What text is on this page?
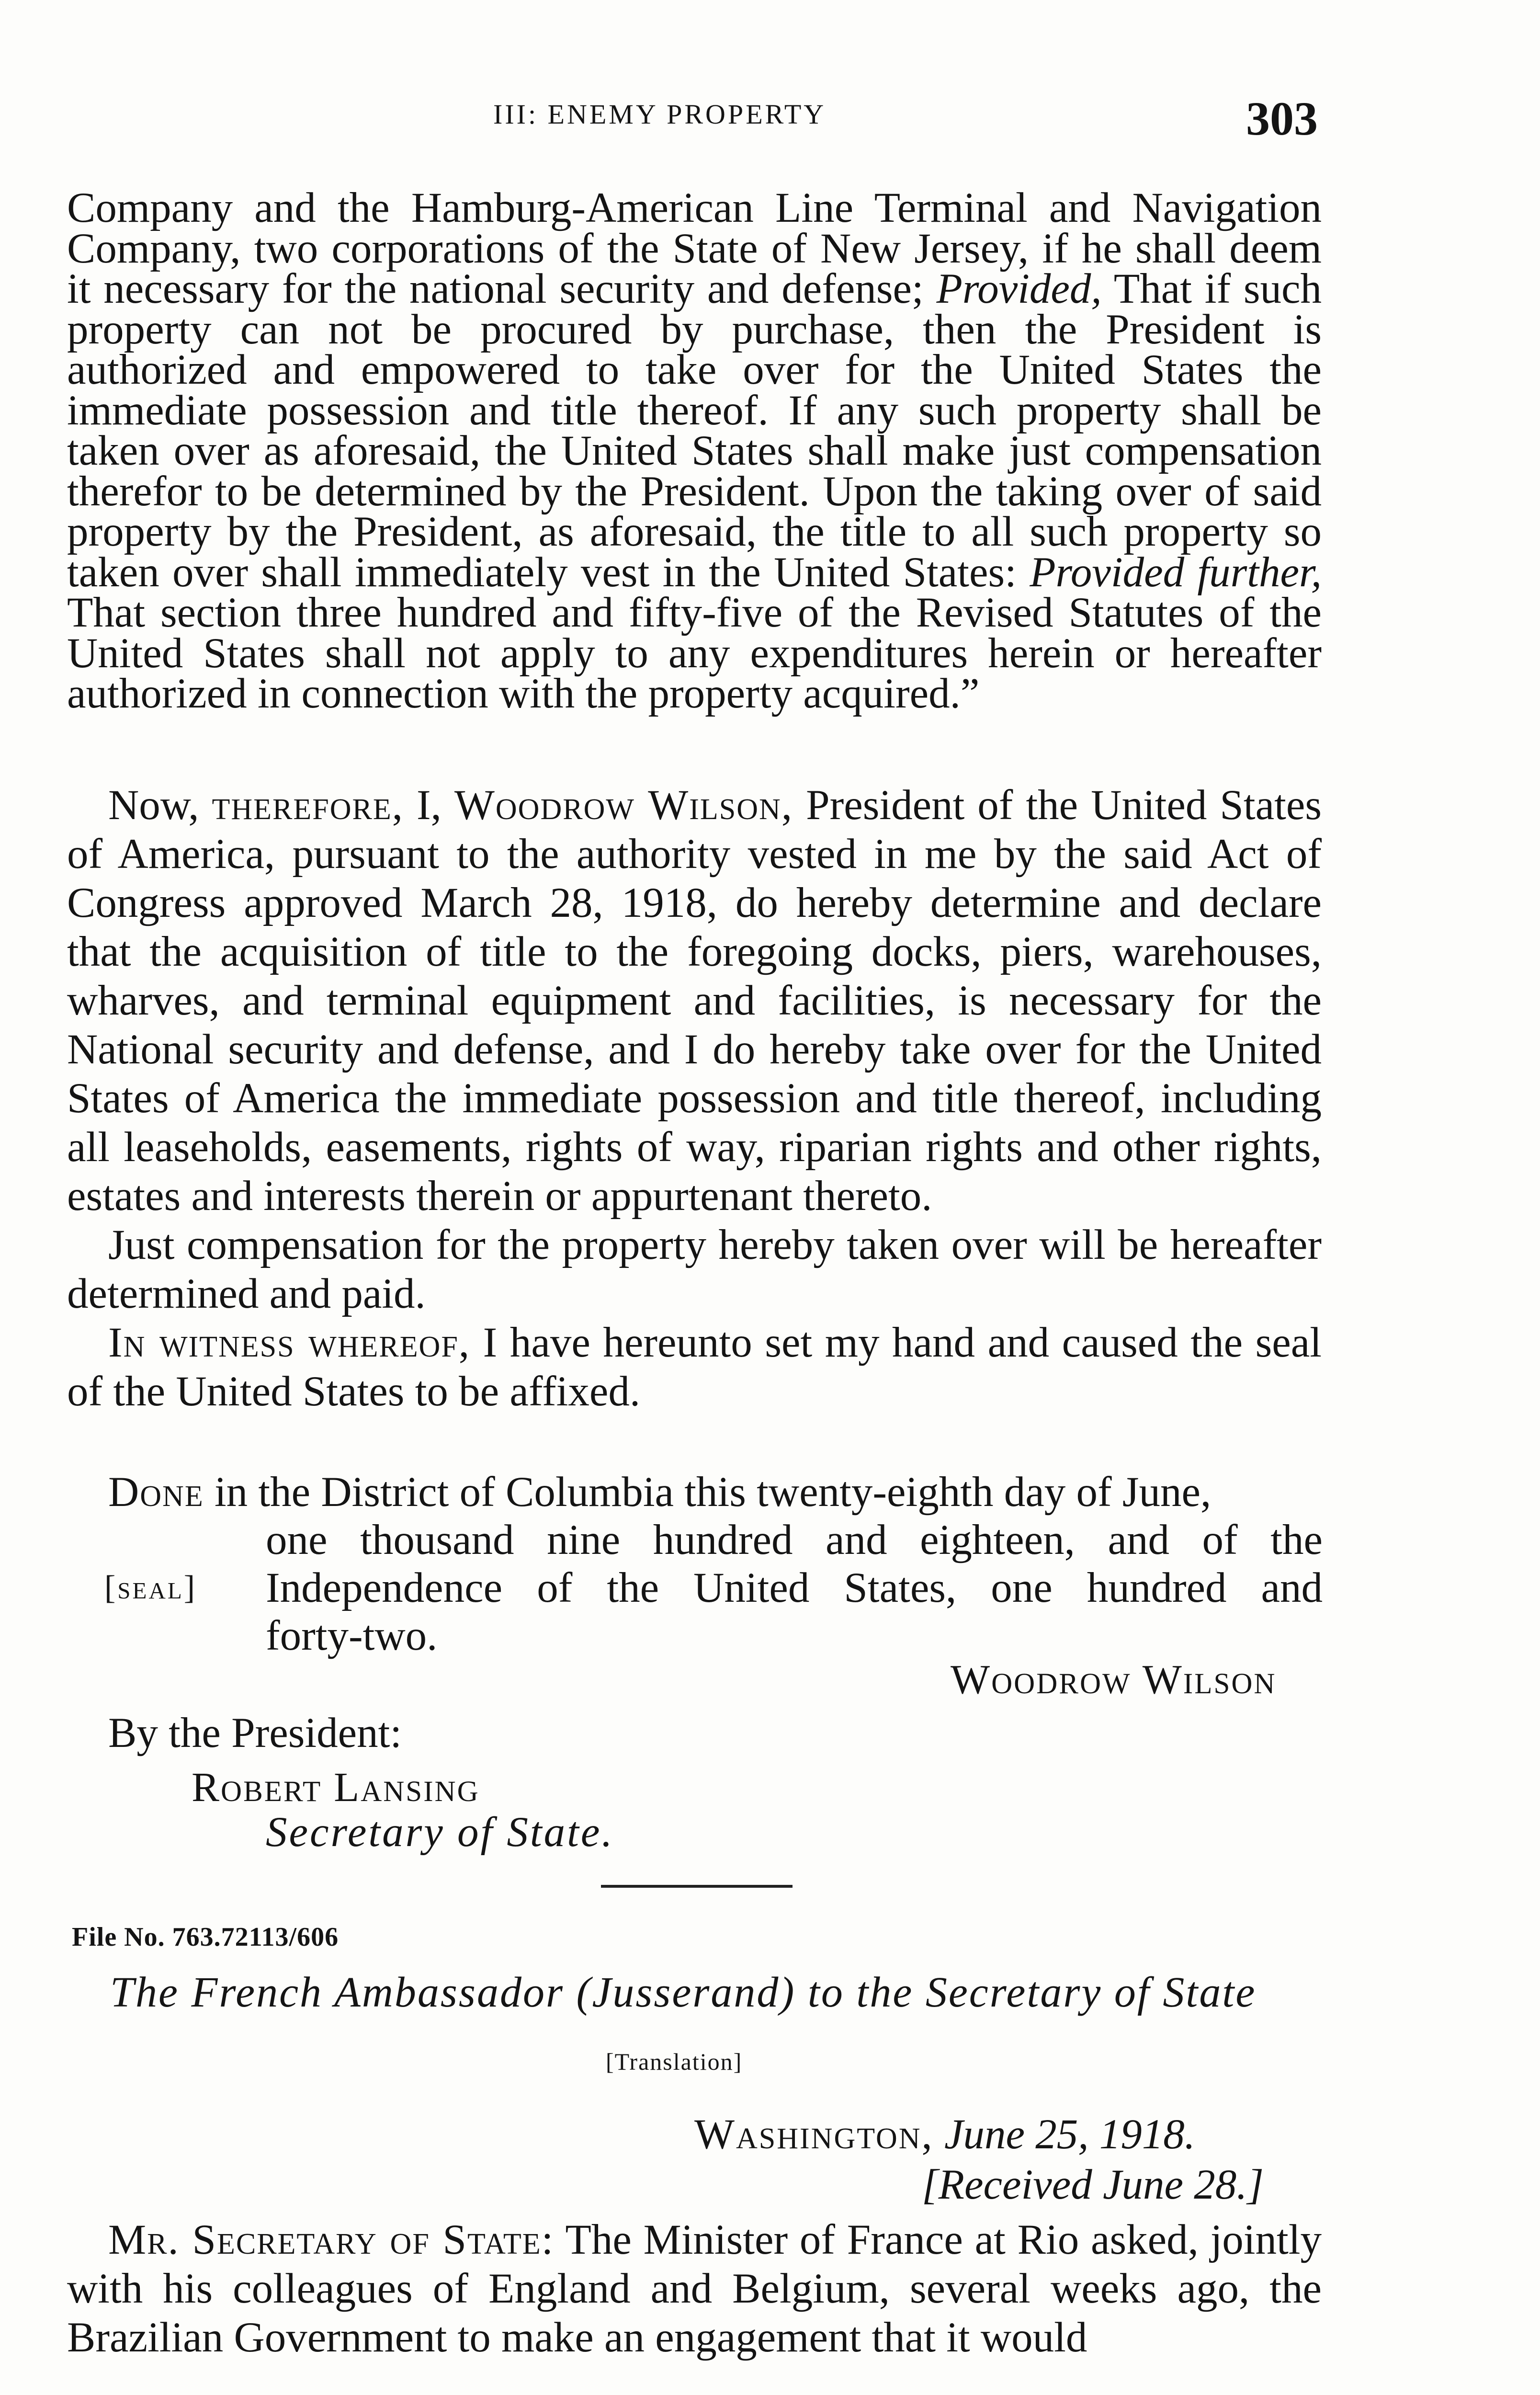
III: ENEMY PROPERTY	303

Company and the Hamburg-American Line Terminal and Navigation Company, two corporations of the State of New Jersey, if he shall deem it necessary for the national security and defense; Provided, That if such property can not be procured by purchase, then the President is authorized and empowered to take over for the United States the immediate possession and title thereof. If any such property shall be taken over as aforesaid, the United States shall make just compensation therefor to be determined by the President. Upon the taking over of said property by the President, as aforesaid, the title to all such property so taken over shall immediately vest in the United States: Provided further, That section three hundred and fifty-five of the Revised Statutes of the United States shall not apply to any expenditures herein or hereafter authorized in connection with the property acquired.”

Now, therefore, I, Woodrow Wilson, President of the United States of America, pursuant to the authority vested in me by the said Act of Congress approved March 28, 1918, do hereby determine and declare that the acquisition of title to the foregoing docks, piers, warehouses, wharves, and terminal equipment and facilities, is necessary for the National security and defense, and I do hereby take over for the United States of America the immediate possession and title thereof, including all leaseholds, easements, rights of way, riparian rights and other rights, estates and interests therein or appurtenant thereto.

Just compensation for the property hereby taken over will be hereafter determined and paid.

In witness whereof, I have hereunto set my hand and caused the seal of the United States to be affixed.

Done in the District of Columbia this twenty-eighth day of June,
one thousand nine hundred and eighteen, and of the
[seal] Independence of the United States, one hundred and
forty-two.
Woodrow Wilson
By the President:
Robert Lansing
Secretary of State.
File No. 763.72113/606
The French Ambassador (Jusserand) to the Secretary of State
[Translation]
Washington, June 25, 1918.
[Received June 28.]

Mr. Secretary of State: The Minister of France at Rio asked, jointly with his colleagues of England and Belgium, several weeks ago, the Brazilian Government to make an engagement that it would
